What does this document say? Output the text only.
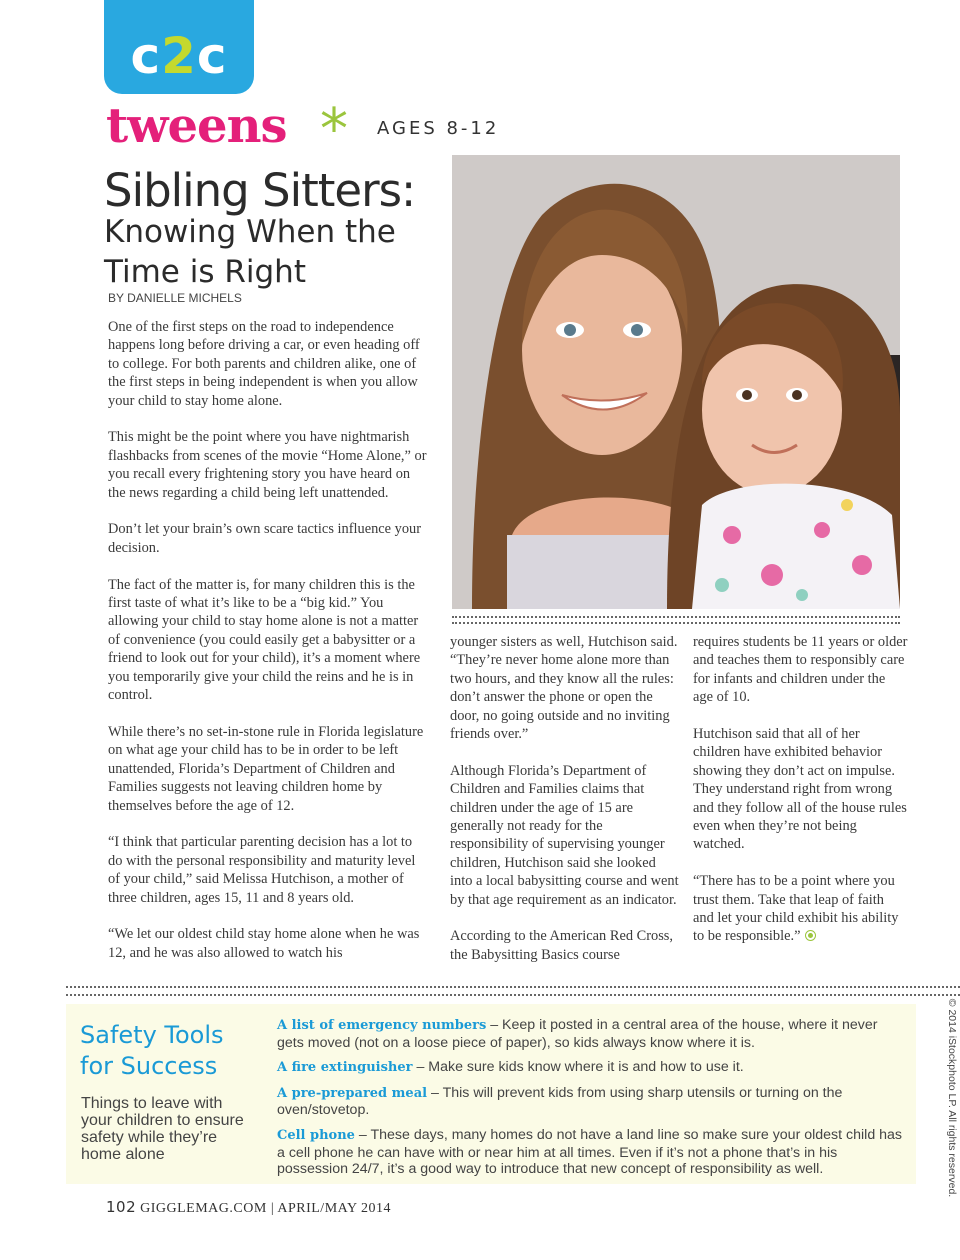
c2c
tweens * AGES 8-12
Sibling Sitters:
Knowing When the
Time is Right
BY DANIELLE MICHELS

One of the first steps on the road to independence happens long before driving a car, or even heading off to college. For both parents and children alike, one of the first steps in being independent is when you allow your child to stay home alone.

This might be the point where you have nightmarish flashbacks from scenes of the movie “Home Alone,” or you recall every frightening story you have heard on the news regarding a child being left unattended.

Don’t let your brain’s own scare tactics influence your decision.

The fact of the matter is, for many children this is the first taste of what it’s like to be a “big kid.” You allowing your child to stay home alone is not a matter of convenience (you could easily get a babysitter or a friend to look out for your child), it’s a moment where you temporarily give your child the reins and he is in control.

While there’s no set-in-stone rule in Florida legislature on what age your child has to be in order to be left unattended, Florida’s Department of Children and Families suggests not leaving children home by themselves before the age of 12.

“I think that particular parenting decision has a lot to do with the personal responsibility and maturity level of your child,” said Melissa Hutchison, a mother of three children, ages 15, 11 and 8 years old.

“We let our oldest child stay home alone when he was 12, and he was also allowed to watch his

younger sisters as well, Hutchison said. “They’re never home alone more than two hours, and they know all the rules: don’t answer the phone or open the door, no going outside and no inviting friends over.”

Although Florida’s Department of Children and Families claims that children under the age of 15 are generally not ready for the responsibility of supervising younger children, Hutchison said she looked into a local babysitting course and went by that age requirement as an indicator.

According to the American Red Cross, the Babysitting Basics course

requires students be 11 years or older and teaches them to responsibly care for infants and children under the age of 10.

Hutchison said that all of her children have exhibited behavior showing they don’t act on impulse. They understand right from wrong and they follow all of the house rules even when they’re not being watched.

“There has to be a point where you trust them. Take that leap of faith and let your child exhibit his ability to be responsible.”

Safety Tools
for Success
Things to leave with your children to ensure safety while they’re home alone
A list of emergency numbers – Keep it posted in a central area of the house, where it never gets moved (not on a loose piece of paper), so kids always know where it is.
A fire extinguisher – Make sure kids know where it is and how to use it.
A pre-prepared meal – This will prevent kids from using sharp utensils or turning on the oven/stovetop.
Cell phone – These days, many homes do not have a land line so make sure your oldest child has a cell phone he can have with or near him at all times. Even if it’s not a phone that’s in his possession 24/7, it’s a good way to introduce that new concept of responsibility as well.	© 2014 iStockphoto LP. All rights reserved.
102 GIGGLEMAG.COM | APRIL/MAY 2014
